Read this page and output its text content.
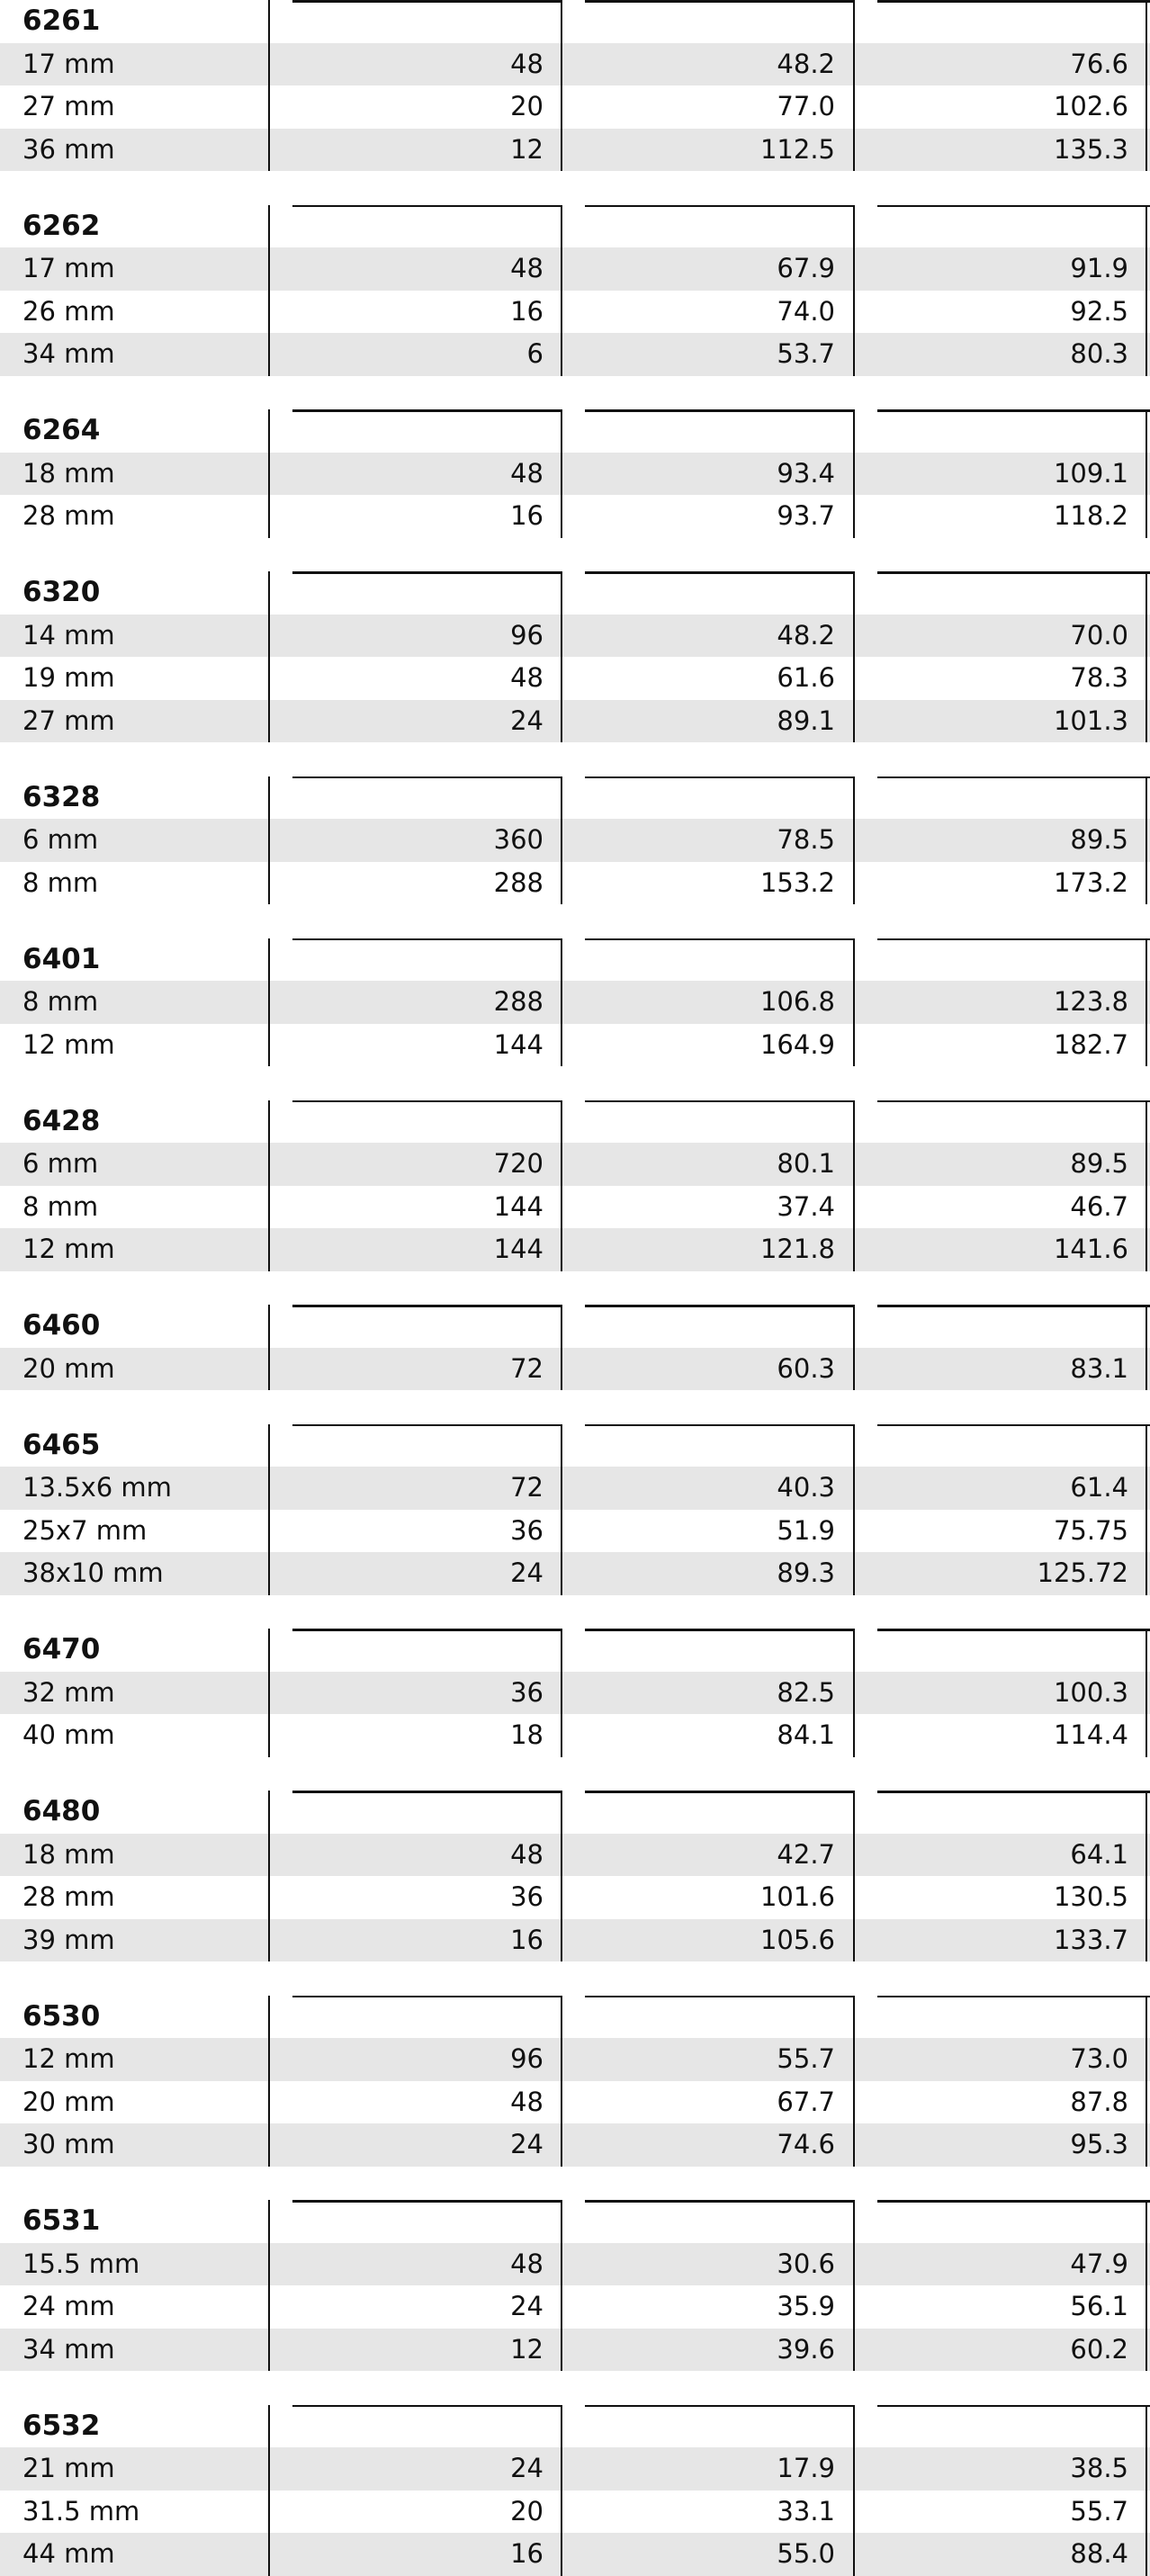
6261
17 mm	48	48.2	76.6
27 mm	20	77.0	102.6
36 mm	12	112.5	135.3
6262
17 mm	48	67.9	91.9
26 mm	16	74.0	92.5
34 mm	6	53.7	80.3
6264
18 mm	48	93.4	109.1
28 mm	16	93.7	118.2
6320
14 mm	96	48.2	70.0
19 mm	48	61.6	78.3
27 mm	24	89.1	101.3
6328
6 mm	360	78.5	89.5
8 mm	288	153.2	173.2
6401
8 mm	288	106.8	123.8
12 mm	144	164.9	182.7
6428
6 mm	720	80.1	89.5
8 mm	144	37.4	46.7
12 mm	144	121.8	141.6
6460
20 mm	72	60.3	83.1
6465
13.5x6 mm	72	40.3	61.4
25x7 mm	36	51.9	75.75
38x10 mm	24	89.3	125.72
6470
32 mm	36	82.5	100.3
40 mm	18	84.1	114.4
6480
18 mm	48	42.7	64.1
28 mm	36	101.6	130.5
39 mm	16	105.6	133.7
6530
12 mm	96	55.7	73.0
20 mm	48	67.7	87.8
30 mm	24	74.6	95.3
6531
15.5 mm	48	30.6	47.9
24 mm	24	35.9	56.1
34 mm	12	39.6	60.2
6532
21 mm	24	17.9	38.5
31.5 mm	20	33.1	55.7
44 mm	16	55.0	88.4
